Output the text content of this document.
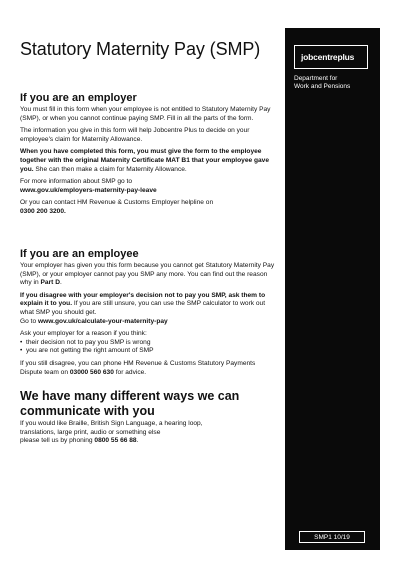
Statutory Maternity Pay (SMP)
If you are an employer

You must fill in this form when your employee is not entitled to Statutory Maternity Pay (SMP), or when you cannot continue paying SMP. Fill in all the parts of the form.

The information you give in this form will help Jobcentre Plus to decide on your employee's claim for Maternity Allowance.

When you have completed this form, you must give the form to the employee together with the original Maternity Certificate MAT B1 that your employee gave you. She can then make a claim for Maternity Allowance.

For more information about SMP go to
www.gov.uk/employers-maternity-pay-leave

Or you can contact HM Revenue & Customs Employer helpline on
0300 200 3200.

If you are an employee

Your employer has given you this form because you cannot get Statutory Maternity Pay (SMP), or your employer cannot pay you SMP any more. You can find out the reason why in Part D.

If you disagree with your employer's decision not to pay you SMP, ask them to explain it to you. If you are still unsure, you can use the SMP calculator to work out what SMP you should get.
Go to www.gov.uk/calculate-your-maternity-pay

Ask your employer for a reason if you think:

• their decision not to pay you SMP is wrong
• you are not getting the right amount of SMP

If you still disagree, you can phone HM Revenue & Customs Statutory Payments Dispute team on 03000 560 630 for advice.

We have many different ways we can
communicate with you

If you would like Braille, British Sign Language, a hearing loop,
translations, large print, audio or something else
please tell us by phoning 0800 55 66 88.

jobcentreplus
Department for
Work and Pensions
SMP1 10/19
